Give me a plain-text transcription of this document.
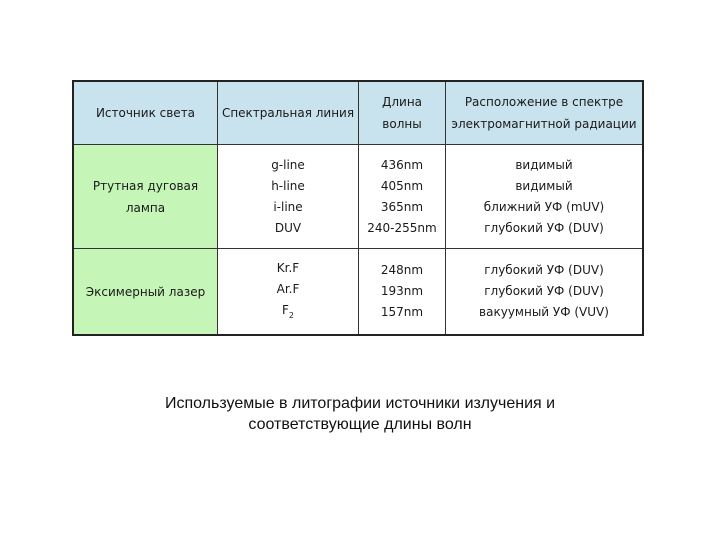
Источник света Спектральная линия
Длина
волны
Расположение в спектре
электромагнитной радиации
Ртутная дуговая
лампа
g-line
h-line
i-line
DUV
436nm
405nm
365nm
240-255nm
видимый
видимый
ближний УФ (mUV)
глубокий УФ (DUV)
Эксимерный лазер
Kr.F
Ar.F
$F_2$
248nm
193nm
157nm
глубокий УФ (DUV)
глубокий УФ (DUV)
вакуумный УФ (VUV)
Используемые в литографии источники излучения и
соответствующие длины волн
